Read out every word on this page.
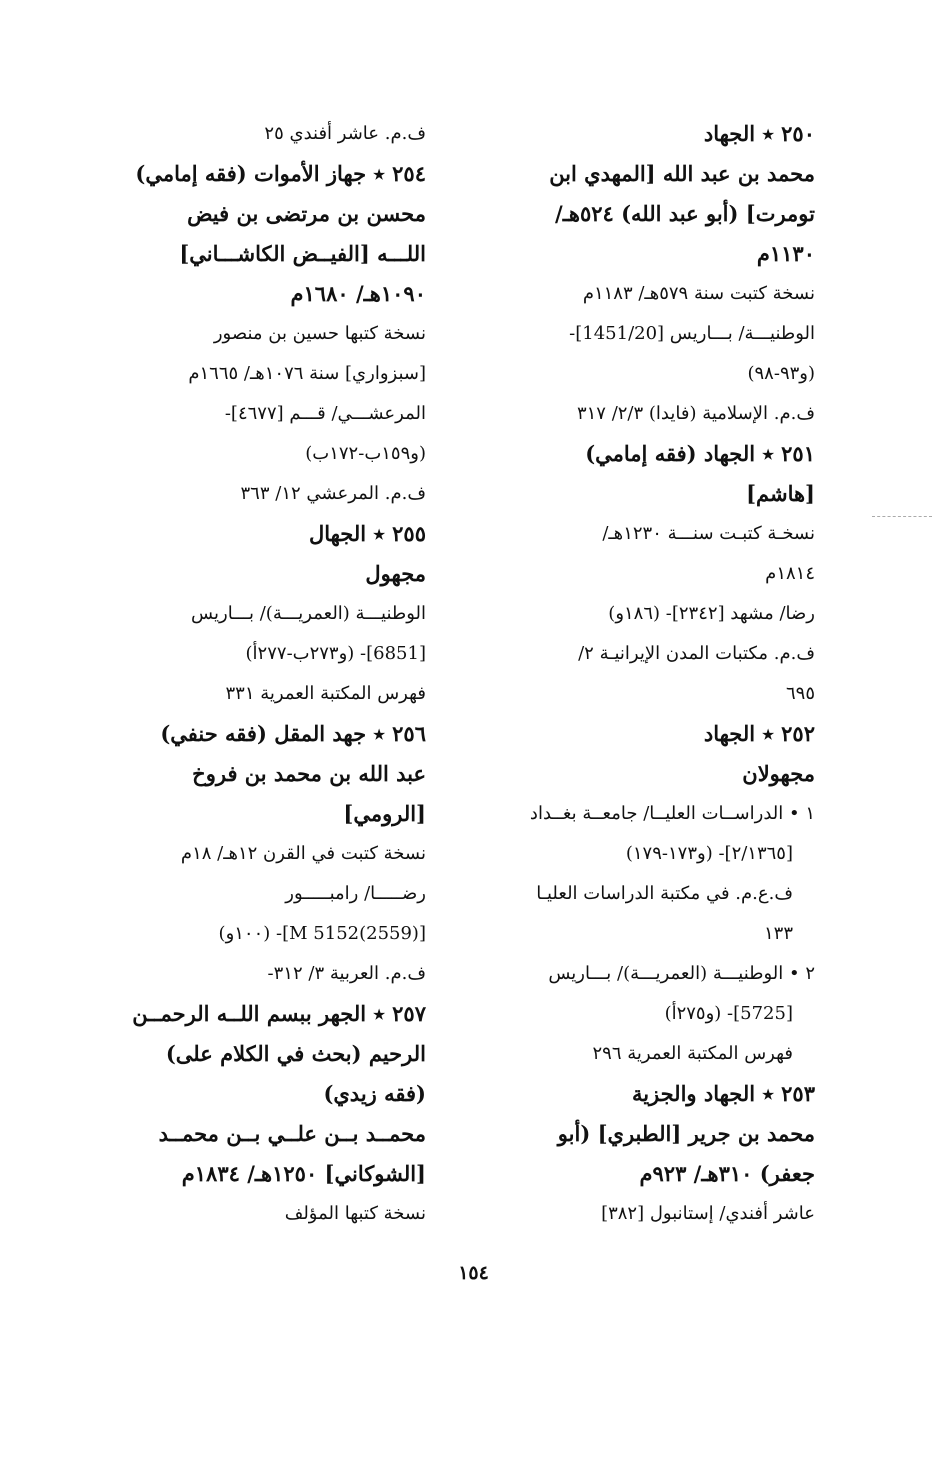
٢٥٠ ٭ الجهاد
محمد بن عبد الله [المهدي ابن
تومرت] (أبو عبد الله) ٥٢٤هـ/
١١٣٠م
نسخة كتبت سنة ٥٧٩هـ/ ١١٨٣م
الوطنيـــة/ بـــاريس [1451/20]-
(و٩٣-٩٨)
ف.م. الإسلامية (فايدا) ٢/٣/ ٣١٧
٢٥١ ٭ الجهاد (فقه إمامي)
[هاشم]
نسخـة كتبـت سنـــة ١٢٣٠هـ/
١٨١٤م
رضا/ مشهد [٢٣٤٢]- (١٨٦و)
ف.م. مكتبات المدن الإيرانيـة ٢/
٦٩٥
٢٥٢ ٭ الجهاد
مجهولان
١ • الدراســات العليــا/ جامعــة بغــداد
[٢/١٣٦٥]- (و١٧٣-١٧٩)
ف.ع.م. في مكتبة الدراسات العليـا
١٣٣
٢ • الوطنيـــة (العمريـــة)/ بـــاريس
[5725]- (و٢٧٥أ)
فهرس المكتبة العمرية ٢٩٦
٢٥٣ ٭ الجهاد والجزية
محمد بن جرير [الطبري] (أبو
جعفر) ٣١٠هـ/ ٩٢٣م
عاشر أفندي/ إستانبول [٣٨٢]
ف.م. عاشر أفندي ٢٥
٢٥٤ ٭ جهاز الأموات (فقه إمامي)
محسن بن مرتضى بن فيض
اللـــه [الفيــض الكاشـــاني]
١٠٩٠هـ/ ١٦٨٠م
نسخة كتبها حسين بن منصور
[سبزواري] سنة ١٠٧٦هـ/ ١٦٦٥م
المرعشـــي/ قـــم [٤٦٧٧]-
(و١٥٩ب-١٧٢ب)
ف.م. المرعشي ١٢/ ٣٦٣
٢٥٥ ٭ الجهال
مجهول
الوطنيـــة (العمريـــة)/ بـــاريس
[6851]- (و٢٧٣ب-٢٧٧أ)
فهرس المكتبة العمرية ٣٣١
٢٥٦ ٭ جهد المقل (فقه حنفي)
عبد الله بن محمد بن فروخ
[الرومي]
نسخة كتبت في القرن ١٢هـ/ ١٨م
رضـــــا/ رامبـــــور
[M 5152(2559)]- (١٠٠و)
ف.م. العربية ٣/ ٣١٢-
٢٥٧ ٭ الجهر ببسم اللــه الرحمــن
الرحيم (بحث في الكلام على)
(فقه زيدي)
محمــد بــن علــي بــن محمــد
[الشوكاني] ١٢٥٠هـ/ ١٨٣٤م
نسخة كتبها المؤلف
١٥٤
